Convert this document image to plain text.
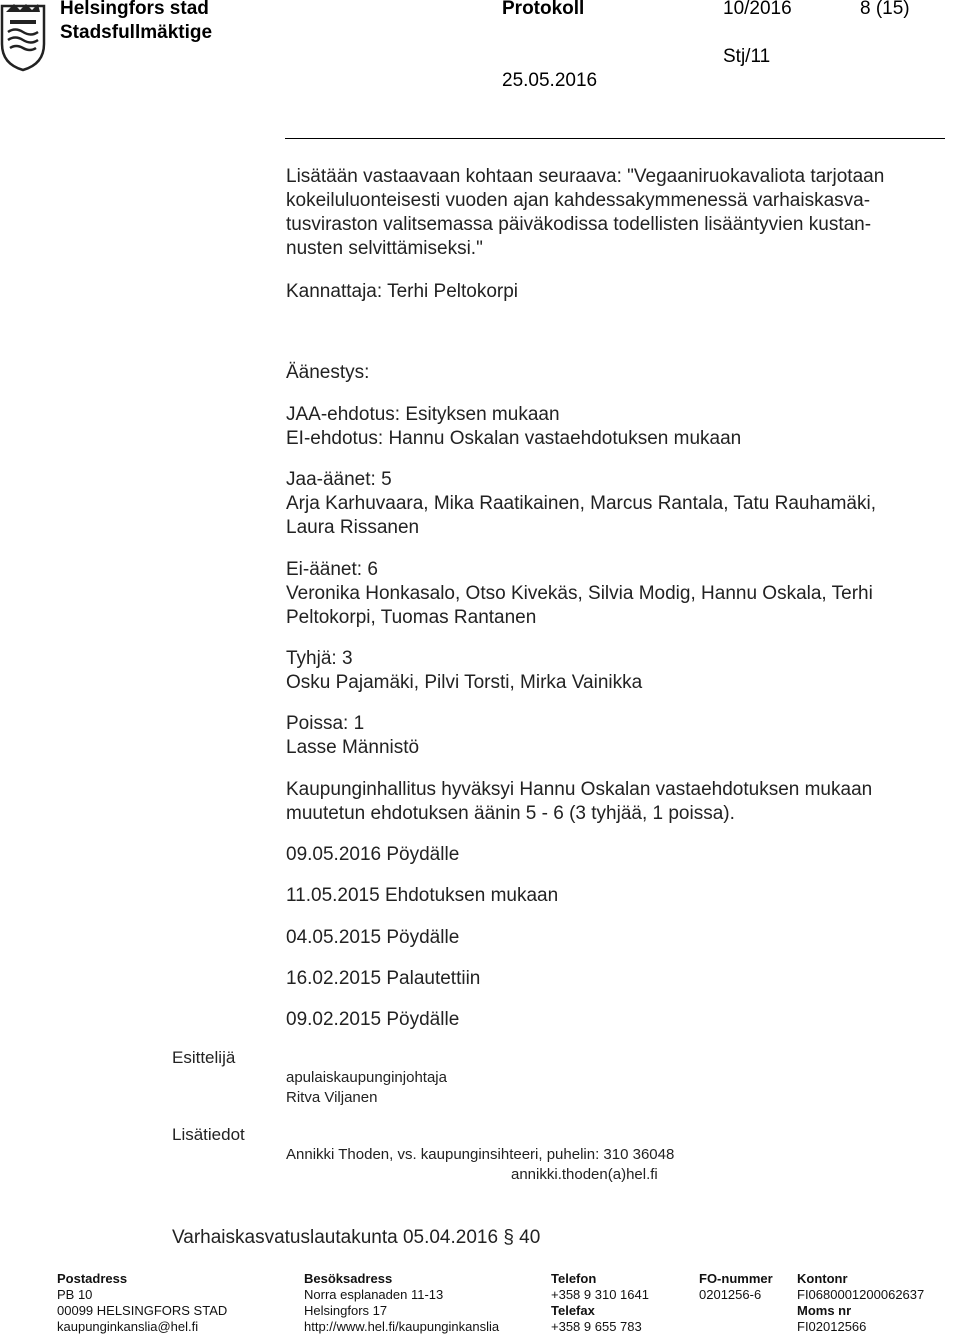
Helsingfors stad
Stadsfullmäktige
Protokoll	10/2016	8 (15)
Stj/11
25.05.2016
Lisätään vastaavaan kohtaan seuraava: "Vegaaniruokavaliota tarjotaan
kokeiluluonteisesti vuoden ajan kahdessakymmenessä varhaiskasva-
tusviraston valitsemassa päiväkodissa todellisten lisääntyvien kustan-
nusten selvittämiseksi."
Kannattaja: Terhi Peltokorpi
Äänestys:
JAA-ehdotus: Esityksen mukaan
EI-ehdotus: Hannu Oskalan vastaehdotuksen mukaan
Jaa-äänet: 5
Arja Karhuvaara, Mika Raatikainen, Marcus Rantala, Tatu Rauhamäki,
Laura Rissanen
Ei-äänet: 6
Veronika Honkasalo, Otso Kivekäs, Silvia Modig, Hannu Oskala, Terhi
Peltokorpi, Tuomas Rantanen
Tyhjä: 3
Osku Pajamäki, Pilvi Torsti, Mirka Vainikka
Poissa: 1
Lasse Männistö
Kaupunginhallitus hyväksyi Hannu Oskalan vastaehdotuksen mukaan
muutetun ehdotuksen äänin 5 - 6 (3 tyhjää, 1 poissa).
09.05.2016 Pöydälle
11.05.2015 Ehdotuksen mukaan
04.05.2015 Pöydälle
16.02.2015 Palautettiin
09.02.2015 Pöydälle
Esittelijä
apulaiskaupunginjohtaja
Ritva Viljanen
Lisätiedot
Annikki Thoden, vs. kaupunginsihteeri, puhelin: 310 36048
annikki.thoden(a)hel.fi
Varhaiskasvatuslautakunta 05.04.2016 § 40
Postadress
PB 10
00099 HELSINGFORS STAD
kaupunginkanslia@hel.fi
Besöksadress
Norra esplanaden 11-13
Helsingfors 17
http://www.hel.fi/kaupunginkanslia
Telefon
+358 9 310 1641
Telefax
+358 9 655 783
FO-nummer
0201256-6
Kontonr
FI0680001200062637
Moms nr
FI02012566
